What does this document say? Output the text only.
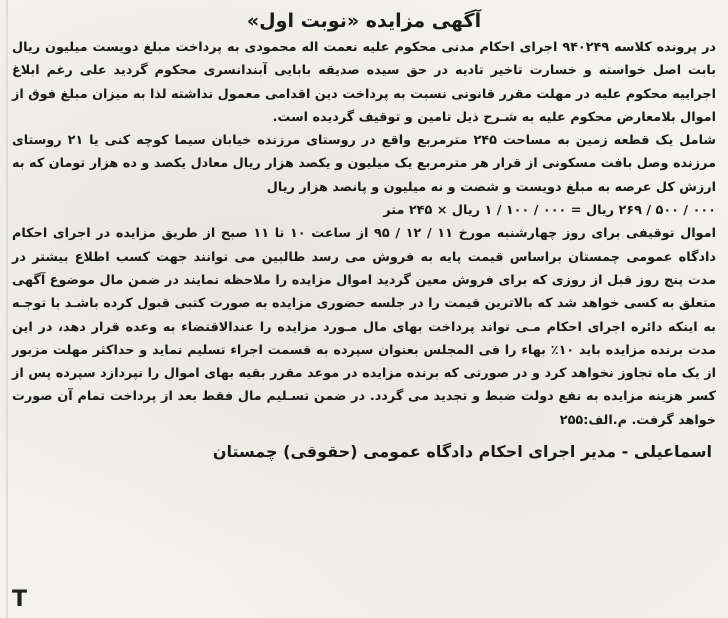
آگهی مزایده «نوبت اول»

در پرونده کلاسه ۹۴۰۲۴۹ اجرای احکام مدنی محکوم علیه نعمت اله محمودی به پرداخت مبلغ دویست میلیون ریال بابت اصل خواسته و خسارت تاخیر تادیه در حق سیده صدیقه بابایی آبندانسری محکوم گردید علی رغم ابلاغ اجراییه محکوم علیه در مهلت مقرر قانونی نسبت به پرداخت دین اقدامی معمول نداشته لذا به میزان مبلغ فوق از اموال بلامعارض محکوم علیه به شـرح ذیل تامین و توقیف گردیده است.

شامل یک قطعه زمین به مساحت ۲۴۵ مترمربع واقع در روستای مرزنده خیابان سیما کوچه کنی یا ۲۱ روستای مرزنده وصل بافت مسکونی از قرار هر مترمربع یک میلیون و یکصد هزار ریال معادل یکصد و ده هزار تومان که به ارزش کل عرصه به مبلغ دویست و شصت و نه میلیون و پانصد هزار ریال

۰۰۰ / ۵۰۰ / ۲۶۹ ریال = ۰۰۰ / ۱۰۰ / ۱ ریال × ۲۴۵ متر

اموال توقیفی برای روز چهارشنبه مورخ ۱۱ / ۱۲ / ۹۵ از ساعت ۱۰ تا ۱۱ صبح از طریق مزایده در اجرای احکام دادگاه عمومی چمستان براساس قیمت پایه به فروش می رسد طالبین می توانند جهت کسب اطلاع بیشتر در مدت پنج روز قبل از روزی که برای فروش معین گردید اموال مزایده را ملاحظه نمایند در ضمن مال موضوع آگهی متعلق به کسی خواهد شد که بالاترین قیمت را در جلسه حضوری مزایده به صورت کتبی قبول کرده باشـد با توجـه به اینکه دائره اجرای احکام مـی تواند پرداخت بهای مال مـورد مزایده را عندالاقتضاء به وعده قرار دهد، در این مدت برنده مزایده باید ۱۰٪ بهاء را فی المجلس بعنوان سپرده به قسمت اجراء تسلیم نماید و حداکثر مهلت مزبور از یک ماه تجاوز نخواهد کرد و در صورتی که برنده مزایده در موعد مقرر بقیه بهای اموال را نپردازد سپرده پس از کسر هزینه مزایده به نفع دولت ضبط و تجدید می گردد. در ضمن تسـلیم مال فقط بعد از پرداخت تمام آن صورت خواهد گرفت. م.الف:۲۵۵

اسماعیلی - مدیر اجرای احکام دادگاه عمومی (حقوقی) چمستان
T
